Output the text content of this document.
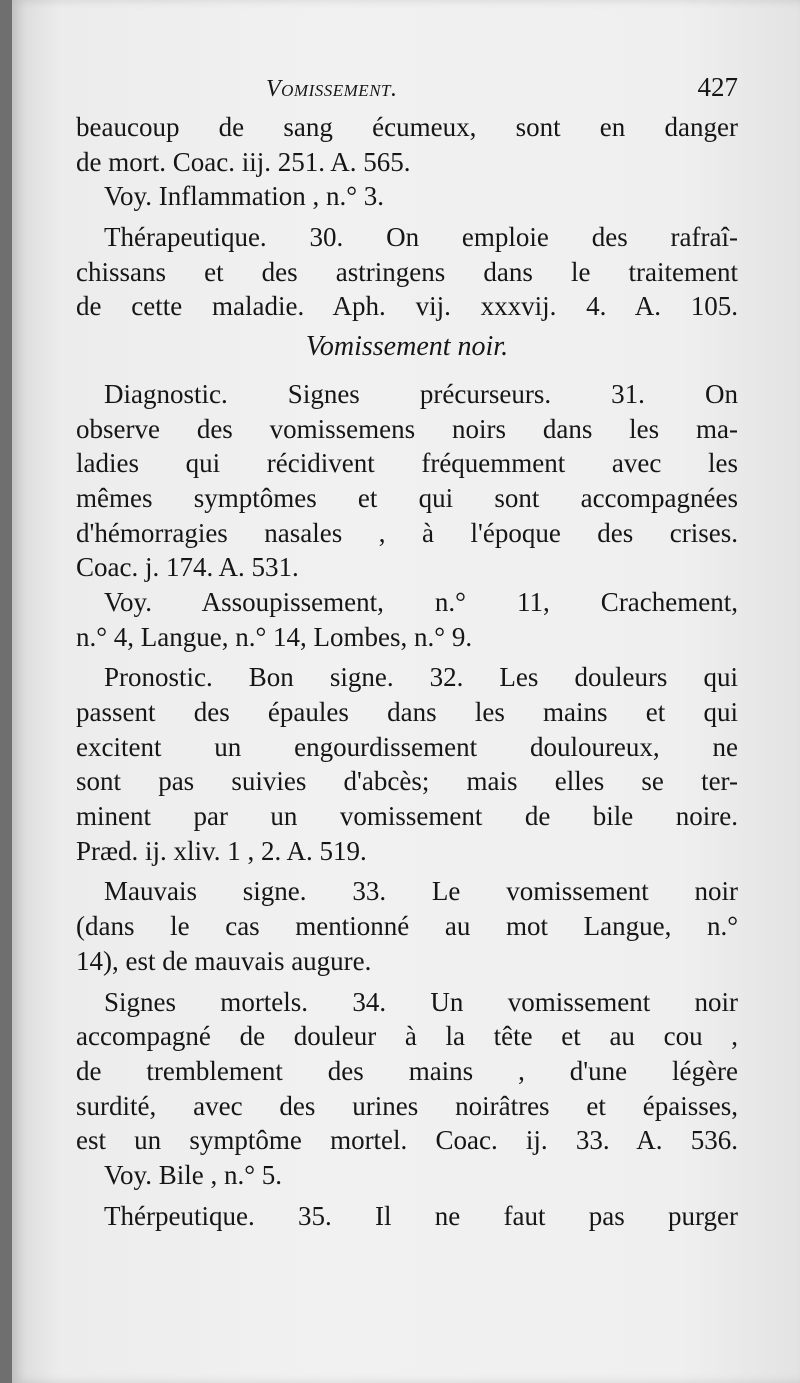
Vomissement.	427
beaucoup de sang écumeux, sont en danger
de mort. Coac. iij. 251. A. 565.
Voy. Inflammation , n.° 3.
Thérapeutique. 30. On emploie des rafraî-
chissans et des astringens dans le traitement
de cette maladie. Aph. vij. xxxvij. 4. A. 105.
Vomissement noir.
Diagnostic. Signes précurseurs. 31. On
observe des vomissemens noirs dans les ma-
ladies qui récidivent fréquemment avec les
mêmes symptômes et qui sont accompagnées
d'hémorragies nasales , à l'époque des crises.
Coac. j. 174. A. 531.
Voy. Assoupissement, n.° 11, Crachement,
n.° 4, Langue, n.° 14, Lombes, n.° 9.
Pronostic. Bon signe. 32. Les douleurs qui
passent des épaules dans les mains et qui
excitent un engourdissement douloureux, ne
sont pas suivies d'abcès; mais elles se ter-
minent par un vomissement de bile noire.
Præd. ij. xliv. 1 , 2. A. 519.
Mauvais signe. 33. Le vomissement noir
(dans le cas mentionné au mot Langue, n.°
14), est de mauvais augure.
Signes mortels. 34. Un vomissement noir
accompagné de douleur à la tête et au cou ,
de tremblement des mains , d'une légère
surdité, avec des urines noirâtres et épaisses,
est un symptôme mortel. Coac. ij. 33. A. 536.
Voy. Bile , n.° 5.
Thérpeutique. 35. Il ne faut pas purger
